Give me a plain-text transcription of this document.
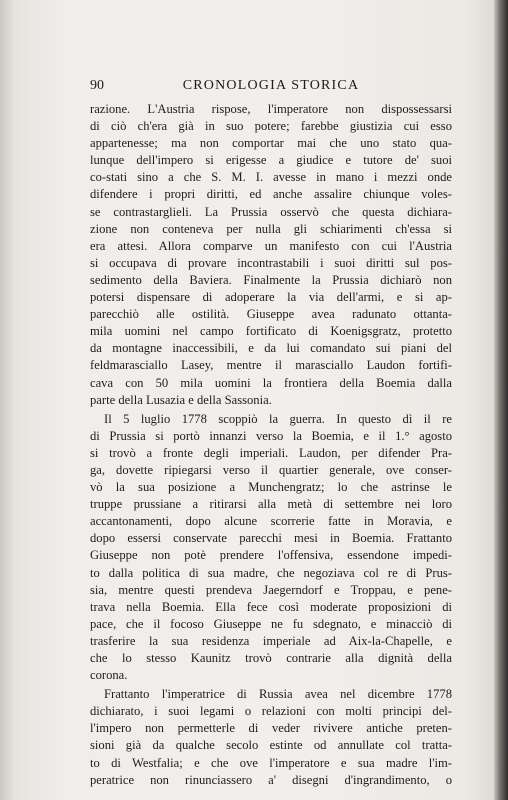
90	CRONOLOGIA STORICA
razione. L'Austria rispose, l'imperatore non dispossessarsi
di ciò ch'era già in suo potere; farebbe giustizia cui esso
appartenesse; ma non comportar mai che uno stato qua-
lunque dell'impero si erigesse a giudice e tutore de' suoi
co-stati sino a che S. M. I. avesse in mano i mezzi onde
difendere i propri diritti, ed anche assalire chiunque voles-
se contrastarglieli. La Prussia osservò che questa dichiara-
zione non conteneva per nulla gli schiarimenti ch'essa si
era attesi. Allora comparve un manifesto con cui l'Austria
si occupava di provare incontrastabili i suoi diritti sul pos-
sedimento della Baviera. Finalmente la Prussia dichiarò non
potersi dispensare di adoperare la via dell'armi, e si ap-
parecchiò alle ostilità. Giuseppe avea radunato ottanta-
mila uomini nel campo fortificato di Koenigsgratz, protetto
da montagne inaccessibili, e da lui comandato sui piani del
feldmarasciallo Lasey, mentre il marasciallo Laudon fortifi-
cava con 50 mila uomini la frontiera della Boemia dalla
parte della Lusazia e della Sassonia.
Il 5 luglio 1778 scoppiò la guerra. In questo dì il re
di Prussia si portò innanzi verso la Boemia, e il 1.° agosto
si trovò a fronte degli imperiali. Laudon, per difender Pra-
ga, dovette ripiegarsi verso il quartier generale, ove conser-
vò la sua posizione a Munchengratz; lo che astrinse le
truppe prussiane a ritirarsi alla metà di settembre nei loro
accantonamenti, dopo alcune scorrerie fatte in Moravia, e
dopo essersi conservate parecchi mesi in Boemia. Frattanto
Giuseppe non potè prendere l'offensiva, essendone impedi-
to dalla politica di sua madre, che negoziava col re di Prus-
sia, mentre questi prendeva Jaegerndorf e Troppau, e pene-
trava nella Boemia. Ella fece così moderate proposizioni di
pace, che il focoso Giuseppe ne fu sdegnato, e minacciò di
trasferire la sua residenza imperiale ad Aix-la-Chapelle, e
che lo stesso Kaunitz trovò contrarie alla dignità della
corona.
Frattanto l'imperatrice di Russia avea nel dicembre 1778
dichiarato, i suoi legami o relazioni con molti principi del-
l'impero non permetterle di veder rivivere antiche preten-
sioni già da qualche secolo estinte od annullate col tratta-
to di Westfalia; e che ove l'imperatore e sua madre l'im-
peratrice non rinunciassero a' disegni d'ingrandimento, o
